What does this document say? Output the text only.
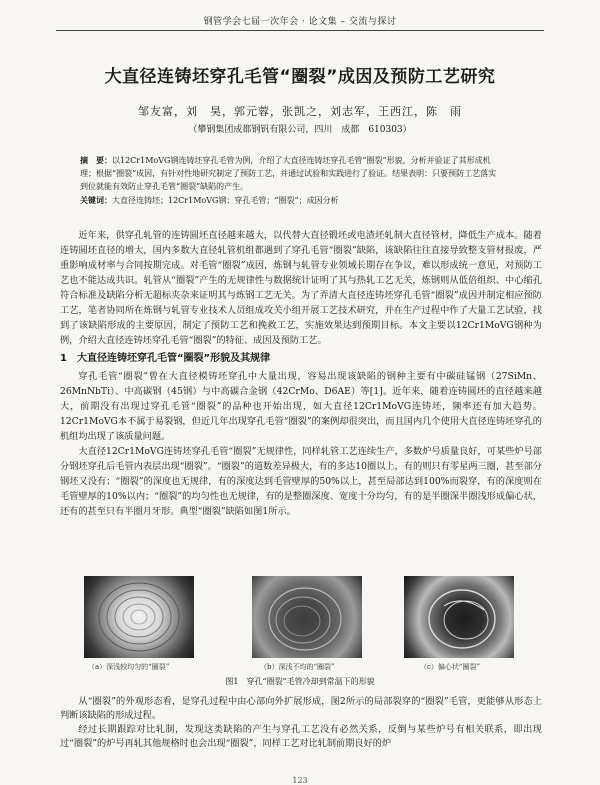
钢管学会七届一次年会 · 论文集 – 交流与探讨
大直径连铸坯穿孔毛管“圈裂”成因及预防工艺研究
邹友富，刘　昊，郭元蓉，张凯之，刘志军，王西江，陈　雨
（攀钢集团成都钢钒有限公司，四川　成都　610303）
摘　要：以12Cr1MoVG钢连铸坯穿孔毛管为例，介绍了大直径连铸坯穿孔毛管“圈裂”形貌，分析并验证了其形成机理；根据“圈裂”成因，有针对性地研究制定了预防工艺，并通过试验和实践进行了验证。结果表明：只要预防工艺落实到位就能有效防止穿孔毛管“圈裂”缺陷的产生。
关键词：大直径连铸坯；12Cr1MoVG钢；穿孔毛管；“圈裂”；成因分析

近年来，供穿孔轧管的连铸圆坯直径越来越大，以代替大直径锻坯或电渣坯轧制大直径管材，降低生产成本。随着连铸圆坯直径的增大，国内多数大直径轧管机组都遇到了穿孔毛管“圈裂”缺陷，该缺陷往往直接导致整支管材报废，严重影响成材率与合同按期完成。对毛管“圈裂”成因，炼钢与轧管专业领域长期存在争议，难以形成统一意见，对预防工艺也不能达成共识。轧管从“圈裂”产生的无规律性与数据统计证明了其与热轧工艺无关，炼钢则从低倍组织、中心缩孔符合标准及缺陷分析无超标夹杂来证明其与炼钢工艺无关。为了弄清大直径连铸坯穿孔毛管“圈裂”成因并制定相应预防工艺，笔者协同所在炼钢与轧管专业技术人员组成攻关小组开展工艺技术研究，并在生产过程中作了大量工艺试验，找到了该缺陷形成的主要原因，制定了预防工艺和挽救工艺，实施效果达到预期目标。本文主要以12Cr1MoVG钢种为例，介绍大直径连铸坯穿孔毛管“圈裂”的特征、成因及预防工艺。

1　大直径连铸坯穿孔毛管“圈裂”形貌及其规律

穿孔毛管“圈裂”曾在大直径模铸坯穿孔中大量出现，容易出现该缺陷的钢种主要有中碳硅锰钢（27SiMn、26MnNbTi）、中高碳钢（45钢）与中高碳合金钢（42CrMo、D6AE）等[1]。近年来，随着连铸圆坯的直径越来越大，前期没有出现过穿孔毛管“圈裂”的品种也开始出现，如大直径12Cr1MoVG连铸坯，频率还有加大趋势。12Cr1MoVG本不属于易裂钢，但近几年出现穿孔毛管“圈裂”的案例却很突出，而且国内几个使用大直径连铸坯穿孔的机组均出现了该质量问题。

大直径12Cr1MoVG连铸坯穿孔毛管“圈裂”无规律性，同样轧管工艺连续生产，多数炉号质量良好，可某些炉号部分钢坯穿孔后毛管内表层出现“圈裂”。“圈裂”的道数差异极大，有的多达10圈以上，有的则只有零星两三圈，甚至部分钢坯又没有；“圈裂”的深度也无规律，有的深度达到毛管壁厚的50%以上，甚至局部达到100%而裂穿，有的深度则在毛管壁厚的10%以内；“圈裂”的均匀性也无规律，有的是整圈深度、宽度十分均匀，有的是半圈深半圈浅形成偏心状，还有的甚至只有半圈月牙形。典型“圈裂”缺陷如图1所示。

（a）深浅较均匀的“圈裂”	（b）深浅不均的“圈裂”	（c）偏心状“圈裂”
图1　穿孔“圈裂”毛管冷却到常温下的形貌

从“圈裂”的外观形态看，是穿孔过程中由心部向外扩展形成，图2所示的局部裂穿的“圈裂”毛管，更能够从形态上判断该缺陷的形成过程。

经过长期跟踪对比轧制，发现这类缺陷的产生与穿孔工艺没有必然关系，反倒与某些炉号有相关联系，即出现过“圈裂”的炉号再轧其他规格时也会出现“圈裂”，同样工艺对比轧制前期良好的炉

123
